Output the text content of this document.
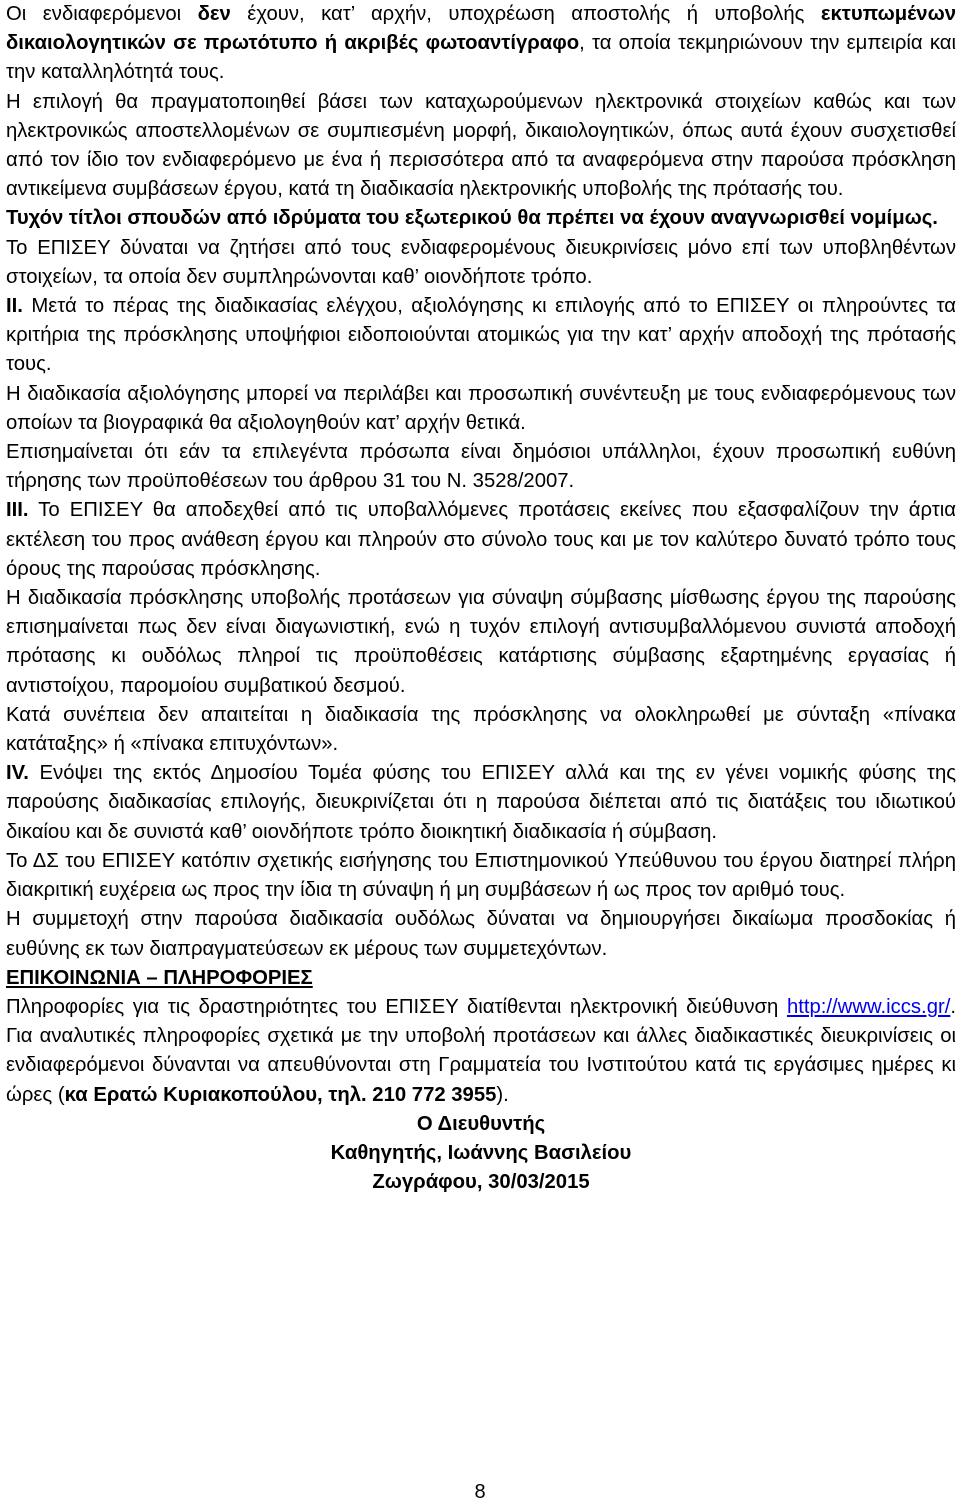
Οι ενδιαφερόμενοι δεν έχουν, κατ’ αρχήν, υποχρέωση αποστολής ή υποβολής εκτυπωμένων δικαιολογητικών σε πρωτότυπο ή ακριβές φωτοαντίγραφο, τα οποία τεκμηριώνουν την εμπειρία και την καταλληλότητά τους.

Η επιλογή θα πραγματοποιηθεί βάσει των καταχωρούμενων ηλεκτρονικά στοιχείων καθώς και των ηλεκτρονικώς αποστελλομένων σε συμπιεσμένη μορφή, δικαιολογητικών, όπως αυτά έχουν συσχετισθεί από τον ίδιο τον ενδιαφερόμενο με ένα ή περισσότερα από τα αναφερόμενα στην παρούσα πρόσκληση αντικείμενα συμβάσεων έργου, κατά τη διαδικασία ηλεκτρονικής υποβολής της πρότασής του.

Τυχόν τίτλοι σπουδών από ιδρύματα του εξωτερικού θα πρέπει να έχουν αναγνωρισθεί νομίμως.

Το ΕΠΙΣΕΥ δύναται να ζητήσει από τους ενδιαφερομένους διευκρινίσεις μόνο επί των υποβληθέντων στοιχείων, τα οποία δεν συμπληρώνονται καθ’ οιονδήποτε τρόπο.

ΙΙ. Μετά το πέρας της διαδικασίας ελέγχου, αξιολόγησης κι επιλογής από το ΕΠΙΣΕΥ οι πληρούντες τα κριτήρια της πρόσκλησης υποψήφιοι ειδοποιούνται ατομικώς για την κατ’ αρχήν αποδοχή της πρότασής τους.

Η διαδικασία αξιολόγησης μπορεί να περιλάβει και προσωπική συνέντευξη με τους ενδιαφερόμενους των οποίων τα βιογραφικά θα αξιολογηθούν κατ’ αρχήν θετικά.

Επισημαίνεται ότι εάν τα επιλεγέντα πρόσωπα είναι δημόσιοι υπάλληλοι, έχουν προσωπική ευθύνη τήρησης των προϋποθέσεων του άρθρου 31 του Ν. 3528/2007.

ΙΙΙ. Το ΕΠΙΣΕΥ θα αποδεχθεί από τις υποβαλλόμενες προτάσεις εκείνες που εξασφαλίζουν την άρτια εκτέλεση του προς ανάθεση έργου και πληρούν στο σύνολο τους και με τον καλύτερο δυνατό τρόπο τους όρους της παρούσας πρόσκλησης.

Η διαδικασία πρόσκλησης υποβολής προτάσεων για σύναψη σύμβασης μίσθωσης έργου της παρούσης επισημαίνεται πως δεν είναι διαγωνιστική, ενώ η τυχόν επιλογή αντισυμβαλλόμενου συνιστά αποδοχή πρότασης κι ουδόλως πληροί τις προϋποθέσεις κατάρτισης σύμβασης εξαρτημένης εργασίας ή αντιστοίχου, παρομοίου συμβατικού δεσμού.

Κατά συνέπεια δεν απαιτείται η διαδικασία της πρόσκλησης να ολοκληρωθεί με σύνταξη «πίνακα κατάταξης» ή «πίνακα επιτυχόντων».

IV. Ενόψει της εκτός Δημοσίου Τομέα φύσης του ΕΠΙΣΕΥ αλλά και της εν γένει νομικής φύσης της παρούσης διαδικασίας επιλογής, διευκρινίζεται ότι η παρούσα διέπεται από τις διατάξεις του ιδιωτικού δικαίου και δε συνιστά καθ’ οιονδήποτε τρόπο διοικητική διαδικασία ή σύμβαση.

Το ΔΣ του ΕΠΙΣΕΥ κατόπιν σχετικής εισήγησης του Επιστημονικού Υπεύθυνου του έργου διατηρεί πλήρη διακριτική ευχέρεια ως προς την ίδια τη σύναψη ή μη συμβάσεων ή ως προς τον αριθμό τους.

Η συμμετοχή στην παρούσα διαδικασία ουδόλως δύναται να δημιουργήσει δικαίωμα προσδοκίας ή ευθύνης εκ των διαπραγματεύσεων εκ μέρους των συμμετεχόντων.

ΕΠΙΚΟΙΝΩΝΙΑ – ΠΛΗΡΟΦΟΡΙΕΣ

Πληροφορίες για τις δραστηριότητες του ΕΠΙΣΕΥ διατίθενται ηλεκτρονική διεύθυνση http://www.iccs.gr/. Για αναλυτικές πληροφορίες σχετικά με την υποβολή προτάσεων και άλλες διαδικαστικές διευκρινίσεις οι ενδιαφερόμενοι δύνανται να απευθύνονται στη Γραμματεία του Ινστιτούτου κατά τις εργάσιμες ημέρες κι ώρες (κα Ερατώ Κυριακοπούλου, τηλ. 210 772 3955).

Ο Διευθυντής

Καθηγητής, Ιωάννης Βασιλείου

Ζωγράφου, 30/03/2015

8
